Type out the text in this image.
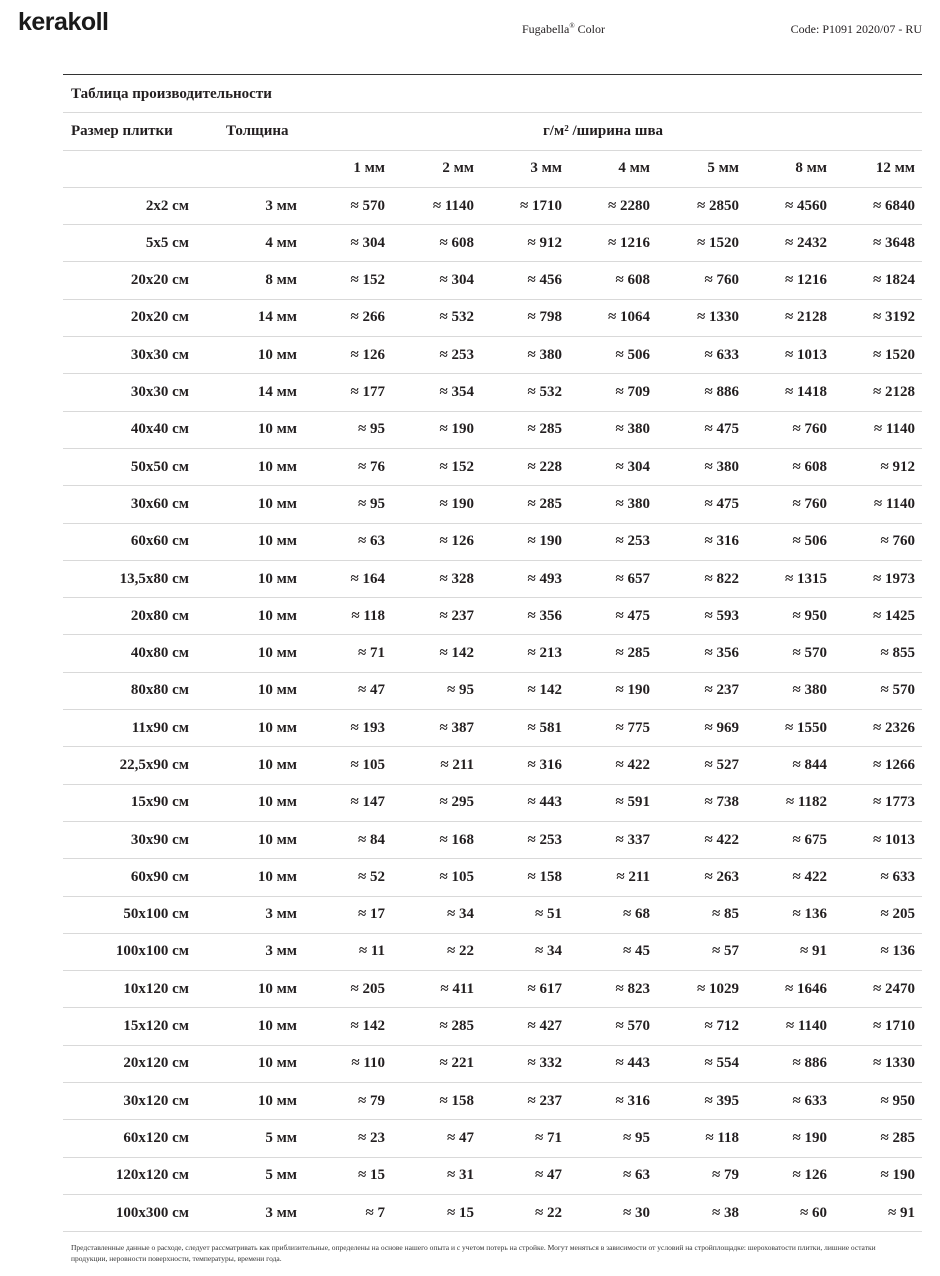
kerakoll	Fugabella® Color	Code: P1091 2020/07 - RU
Таблица производительности
Размер плитки	Толщина	г/м² /ширина шва
1 мм	2 мм	3 мм	4 мм	5 мм	8 мм	12 мм
2x2 см	3 мм	≈ 570	≈ 1140	≈ 1710	≈ 2280	≈ 2850	≈ 4560	≈ 6840
5x5 см	4 мм	≈ 304	≈ 608	≈ 912	≈ 1216	≈ 1520	≈ 2432	≈ 3648
20x20 см	8 мм	≈ 152	≈ 304	≈ 456	≈ 608	≈ 760	≈ 1216	≈ 1824
20x20 см	14 мм	≈ 266	≈ 532	≈ 798	≈ 1064	≈ 1330	≈ 2128	≈ 3192
30x30 см	10 мм	≈ 126	≈ 253	≈ 380	≈ 506	≈ 633	≈ 1013	≈ 1520
30x30 см	14 мм	≈ 177	≈ 354	≈ 532	≈ 709	≈ 886	≈ 1418	≈ 2128
40x40 см	10 мм	≈ 95	≈ 190	≈ 285	≈ 380	≈ 475	≈ 760	≈ 1140
50x50 см	10 мм	≈ 76	≈ 152	≈ 228	≈ 304	≈ 380	≈ 608	≈ 912
30x60 см	10 мм	≈ 95	≈ 190	≈ 285	≈ 380	≈ 475	≈ 760	≈ 1140
60x60 см	10 мм	≈ 63	≈ 126	≈ 190	≈ 253	≈ 316	≈ 506	≈ 760
13,5x80 см	10 мм	≈ 164	≈ 328	≈ 493	≈ 657	≈ 822	≈ 1315	≈ 1973
20x80 см	10 мм	≈ 118	≈ 237	≈ 356	≈ 475	≈ 593	≈ 950	≈ 1425
40x80 см	10 мм	≈ 71	≈ 142	≈ 213	≈ 285	≈ 356	≈ 570	≈ 855
80x80 см	10 мм	≈ 47	≈ 95	≈ 142	≈ 190	≈ 237	≈ 380	≈ 570
11x90 см	10 мм	≈ 193	≈ 387	≈ 581	≈ 775	≈ 969	≈ 1550	≈ 2326
22,5x90 см	10 мм	≈ 105	≈ 211	≈ 316	≈ 422	≈ 527	≈ 844	≈ 1266
15x90 см	10 мм	≈ 147	≈ 295	≈ 443	≈ 591	≈ 738	≈ 1182	≈ 1773
30x90 см	10 мм	≈ 84	≈ 168	≈ 253	≈ 337	≈ 422	≈ 675	≈ 1013
60x90 см	10 мм	≈ 52	≈ 105	≈ 158	≈ 211	≈ 263	≈ 422	≈ 633
50x100 см	3 мм	≈ 17	≈ 34	≈ 51	≈ 68	≈ 85	≈ 136	≈ 205
100x100 см	3 мм	≈ 11	≈ 22	≈ 34	≈ 45	≈ 57	≈ 91	≈ 136
10x120 см	10 мм	≈ 205	≈ 411	≈ 617	≈ 823	≈ 1029	≈ 1646	≈ 2470
15x120 см	10 мм	≈ 142	≈ 285	≈ 427	≈ 570	≈ 712	≈ 1140	≈ 1710
20x120 см	10 мм	≈ 110	≈ 221	≈ 332	≈ 443	≈ 554	≈ 886	≈ 1330
30x120 см	10 мм	≈ 79	≈ 158	≈ 237	≈ 316	≈ 395	≈ 633	≈ 950
60x120 см	5 мм	≈ 23	≈ 47	≈ 71	≈ 95	≈ 118	≈ 190	≈ 285
120x120 см	5 мм	≈ 15	≈ 31	≈ 47	≈ 63	≈ 79	≈ 126	≈ 190
100x300 см	3 мм	≈ 7	≈ 15	≈ 22	≈ 30	≈ 38	≈ 60	≈ 91
Представленные данные о расходе, следует рассматривать как приблизительные, определены на основе нашего опыта и с учетом потерь на стройке. Могут меняться в зависимости от условий на стройплощадке: шероховатости плитки, лишние остатки продукции, неровности поверхности, температуры, времени года.
